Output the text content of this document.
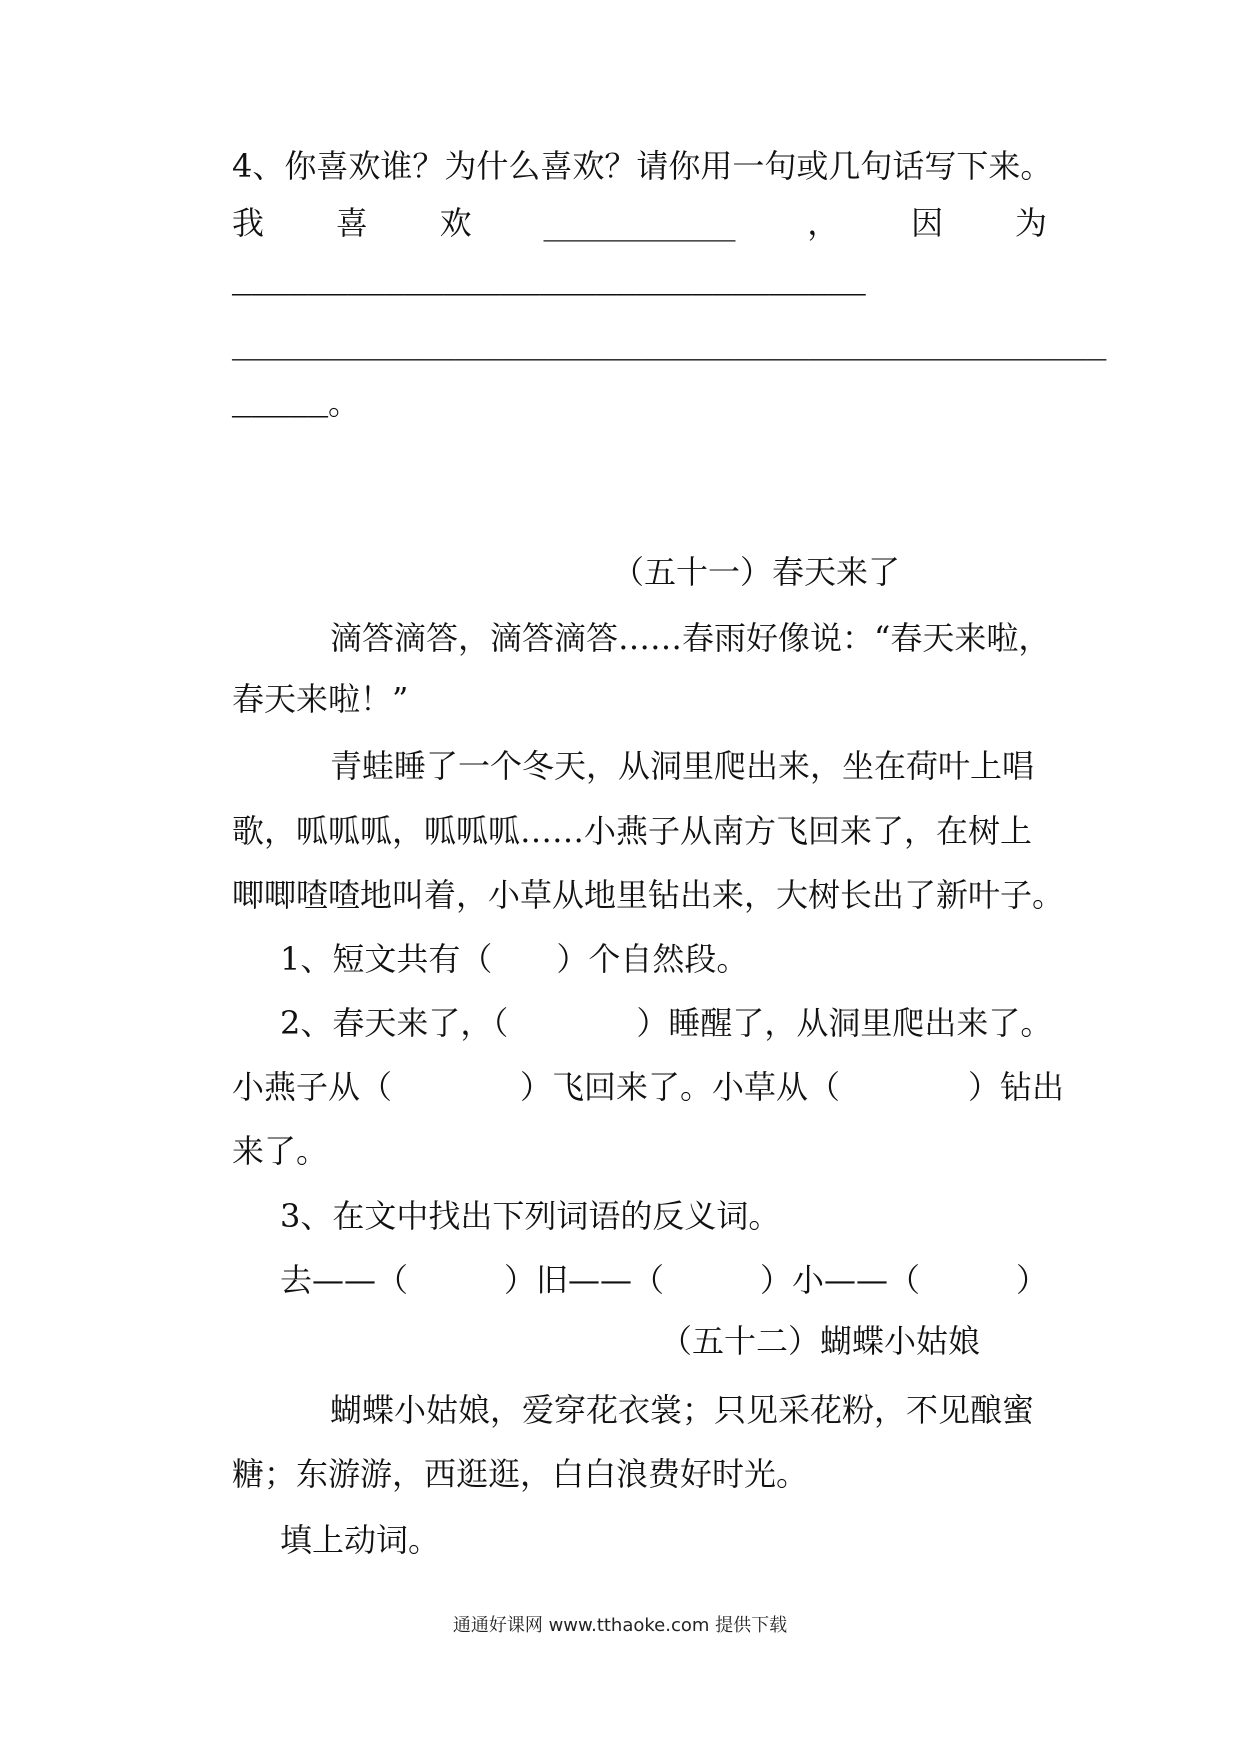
4、你喜欢谁？为什么喜欢？请你用一句或几句话写下来。
我 喜 欢 ____________ ， 因 为
_________________________________
_______________________________________________
_____。
（五十一）春天来了
滴答滴答，滴答滴答……春雨好像说：“春天来啦，
春天来啦！”
青蛙睡了一个冬天，从洞里爬出来，坐在荷叶上唱
歌，呱呱呱，呱呱呱……小燕子从南方飞回来了，在树上
唧唧喳喳地叫着，小草从地里钻出来，大树长出了新叶子。
1、短文共有（　　）个自然段。
2、春天来了，（　　　　）睡醒了，从洞里爬出来了。
小燕子从（　　　　）飞回来了。小草从（　　　　）钻出
来了。
3、在文中找出下列词语的反义词。
去——（　　　） 旧——（　　　） 小——（　　　）
（五十二）蝴蝶小姑娘
蝴蝶小姑娘，爱穿花衣裳；只见采花粉，不见酿蜜
糖；东游游，西逛逛，白白浪费好时光。
填上动词。
通通好课网 www.tthaoke.com 提供下载
